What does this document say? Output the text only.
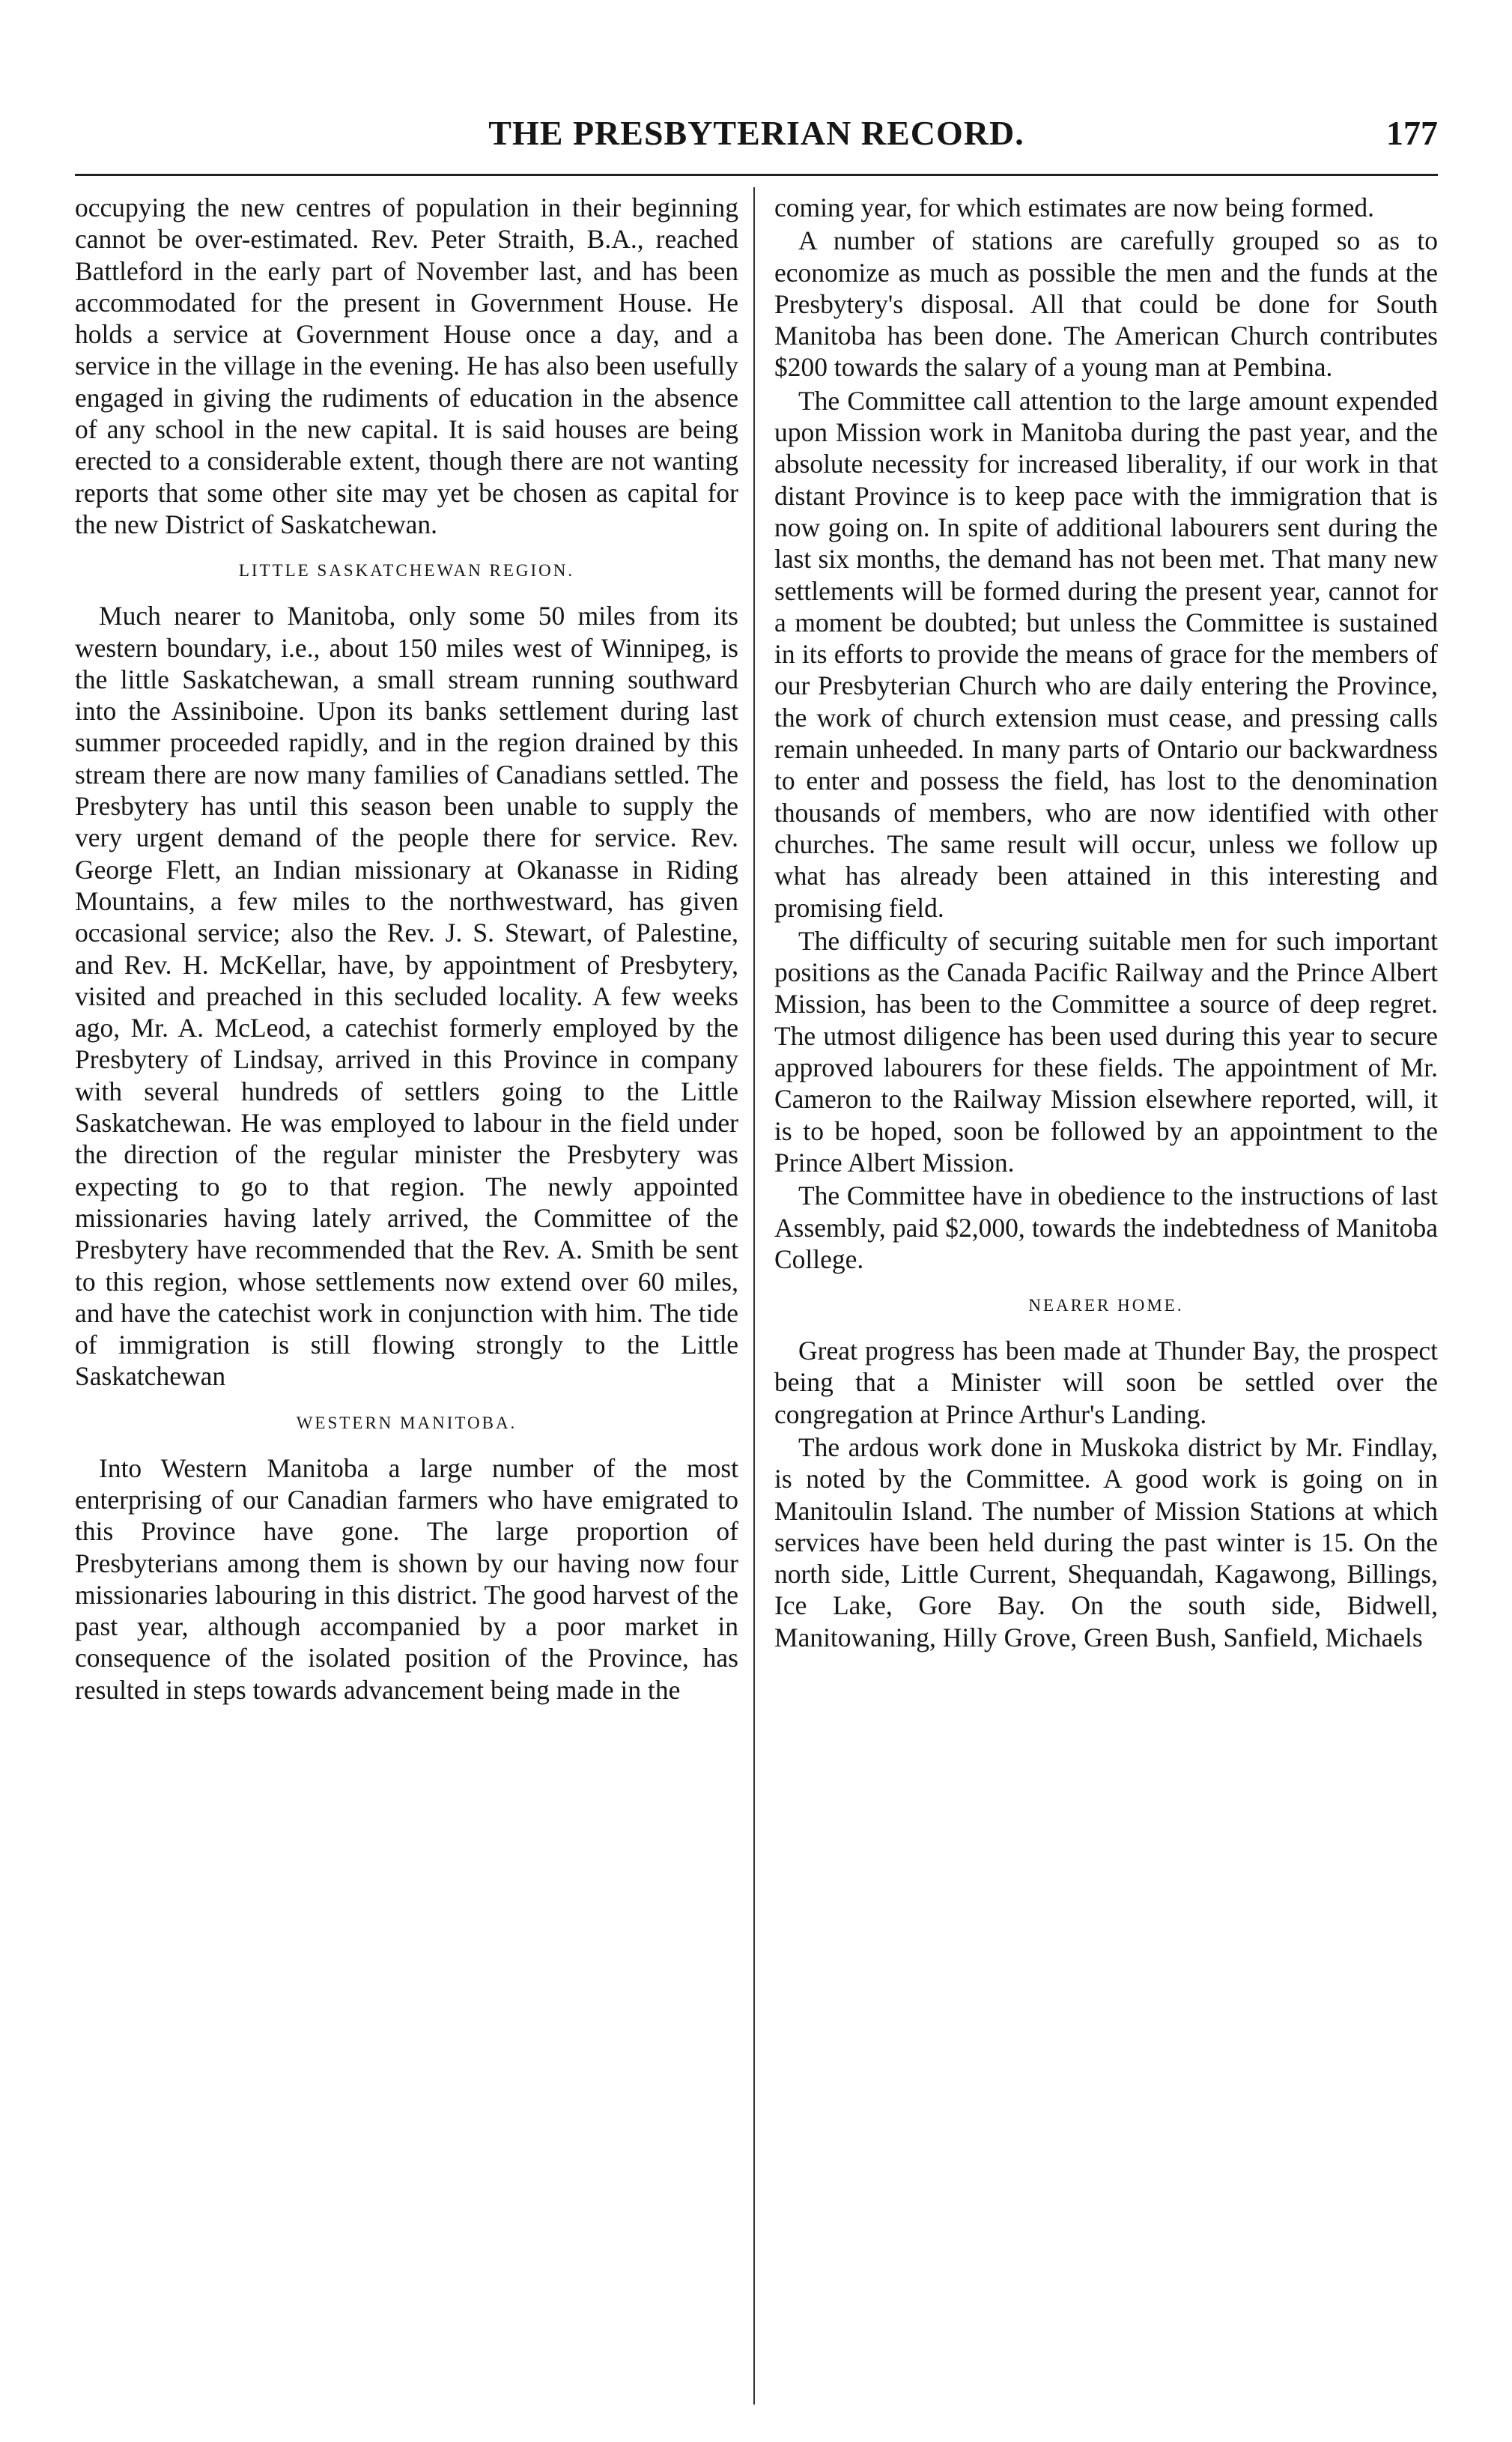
THE PRESBYTERIAN RECORD.	177

occupying the new centres of population in their beginning cannot be over-estimated. Rev. Peter Straith, B.A., reached Battleford in the early part of November last, and has been accommodated for the present in Government House. He holds a service at Government House once a day, and a service in the village in the evening. He has also been usefully engaged in giving the rudiments of education in the absence of any school in the new capital. It is said houses are being erected to a considerable extent, though there are not wanting reports that some other site may yet be chosen as capital for the new District of Saskatchewan.

LITTLE SASKATCHEWAN REGION.

Much nearer to Manitoba, only some 50 miles from its western boundary, i.e., about 150 miles west of Winnipeg, is the little Saskatchewan, a small stream running southward into the Assiniboine. Upon its banks settlement during last summer proceeded rapidly, and in the region drained by this stream there are now many families of Canadians settled. The Presbytery has until this season been unable to supply the very urgent demand of the people there for service. Rev. George Flett, an Indian missionary at Okanasse in Riding Mountains, a few miles to the northwestward, has given occasional service; also the Rev. J. S. Stewart, of Palestine, and Rev. H. McKellar, have, by appointment of Presbytery, visited and preached in this secluded locality. A few weeks ago, Mr. A. McLeod, a catechist formerly employed by the Presbytery of Lindsay, arrived in this Province in company with several hundreds of settlers going to the Little Saskatchewan. He was employed to labour in the field under the direction of the regular minister the Presbytery was expecting to go to that region. The newly appointed missionaries having lately arrived, the Committee of the Presbytery have recommended that the Rev. A. Smith be sent to this region, whose settlements now extend over 60 miles, and have the catechist work in conjunction with him. The tide of immigration is still flowing strongly to the Little Saskatchewan

WESTERN MANITOBA.

Into Western Manitoba a large number of the most enterprising of our Canadian farmers who have emigrated to this Province have gone. The large proportion of Presbyterians among them is shown by our having now four missionaries labouring in this district. The good harvest of the past year, although accompanied by a poor market in consequence of the isolated position of the Province, has resulted in steps towards advancement being made in the

coming year, for which estimates are now being formed.

A number of stations are carefully grouped so as to economize as much as possible the men and the funds at the Presbytery's disposal. All that could be done for South Manitoba has been done. The American Church contributes $200 towards the salary of a young man at Pembina.

The Committee call attention to the large amount expended upon Mission work in Manitoba during the past year, and the absolute necessity for increased liberality, if our work in that distant Province is to keep pace with the immigration that is now going on. In spite of additional labourers sent during the last six months, the demand has not been met. That many new settlements will be formed during the present year, cannot for a moment be doubted; but unless the Committee is sustained in its efforts to provide the means of grace for the members of our Presbyterian Church who are daily entering the Province, the work of church extension must cease, and pressing calls remain unheeded. In many parts of Ontario our backwardness to enter and possess the field, has lost to the denomination thousands of members, who are now identified with other churches. The same result will occur, unless we follow up what has already been attained in this interesting and promising field.

The difficulty of securing suitable men for such important positions as the Canada Pacific Railway and the Prince Albert Mission, has been to the Committee a source of deep regret. The utmost diligence has been used during this year to secure approved labourers for these fields. The appointment of Mr. Cameron to the Railway Mission elsewhere reported, will, it is to be hoped, soon be followed by an appointment to the Prince Albert Mission.

The Committee have in obedience to the instructions of last Assembly, paid $2,000, towards the indebtedness of Manitoba College.

NEARER HOME.

Great progress has been made at Thunder Bay, the prospect being that a Minister will soon be settled over the congregation at Prince Arthur's Landing.

The ardous work done in Muskoka district by Mr. Findlay, is noted by the Committee. A good work is going on in Manitoulin Island. The number of Mission Stations at which services have been held during the past winter is 15. On the north side, Little Current, Shequandah, Kagawong, Billings, Ice Lake, Gore Bay. On the south side, Bidwell, Manitowaning, Hilly Grove, Green Bush, Sanfield, Michaels
